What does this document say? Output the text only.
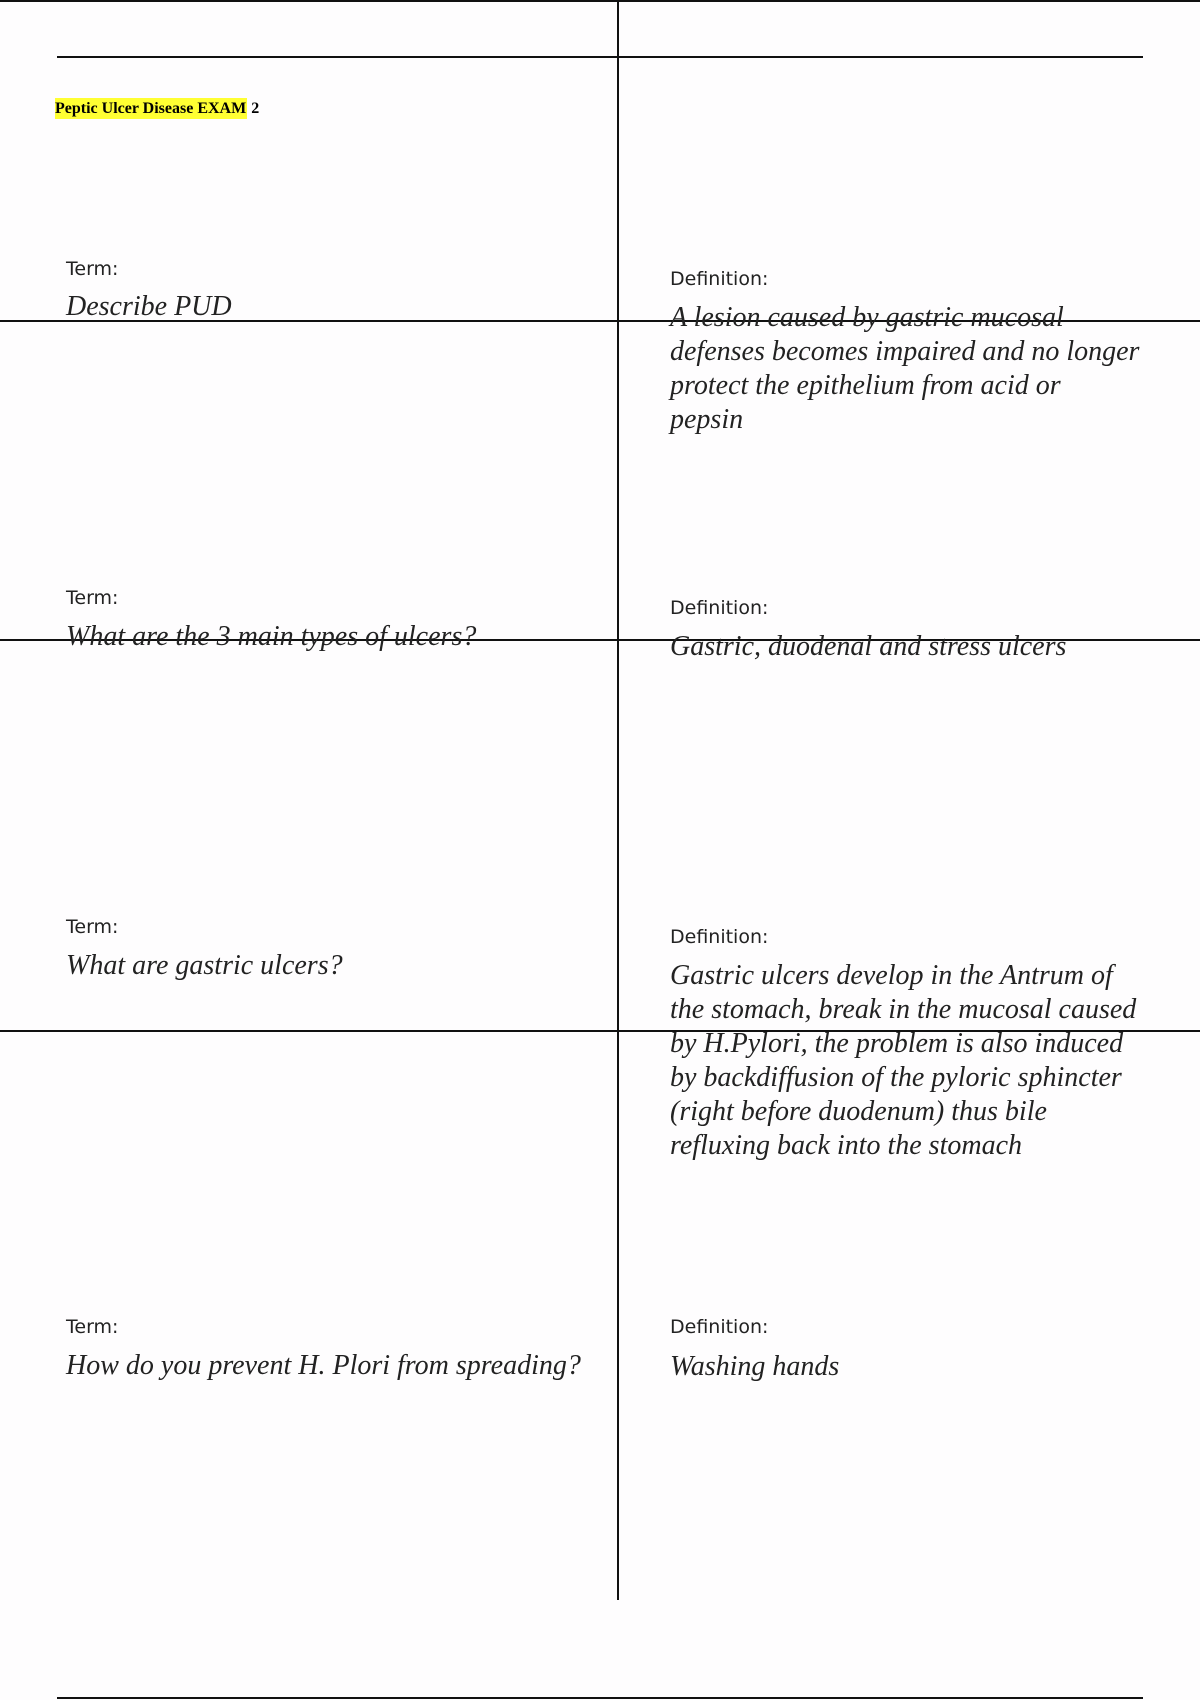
Peptic Ulcer Disease EXAM 2
Term:
Describe PUD
Definition:
A lesion caused by gastric mucosal defenses becomes impaired and no longer protect the epithelium from acid or pepsin
Term:
What are the 3 main types of ulcers?
Definition:
Gastric, duodenal and stress ulcers
Term:
What are gastric ulcers?
Definition:
Gastric ulcers develop in the Antrum of the stomach, break in the mucosal caused by H.Pylori, the problem is also induced by backdiffusion of the pyloric sphincter (right before duodenum) thus bile refluxing back into the stomach
Term:
How do you prevent H. Plori from spreading?
Definition:
Washing hands
